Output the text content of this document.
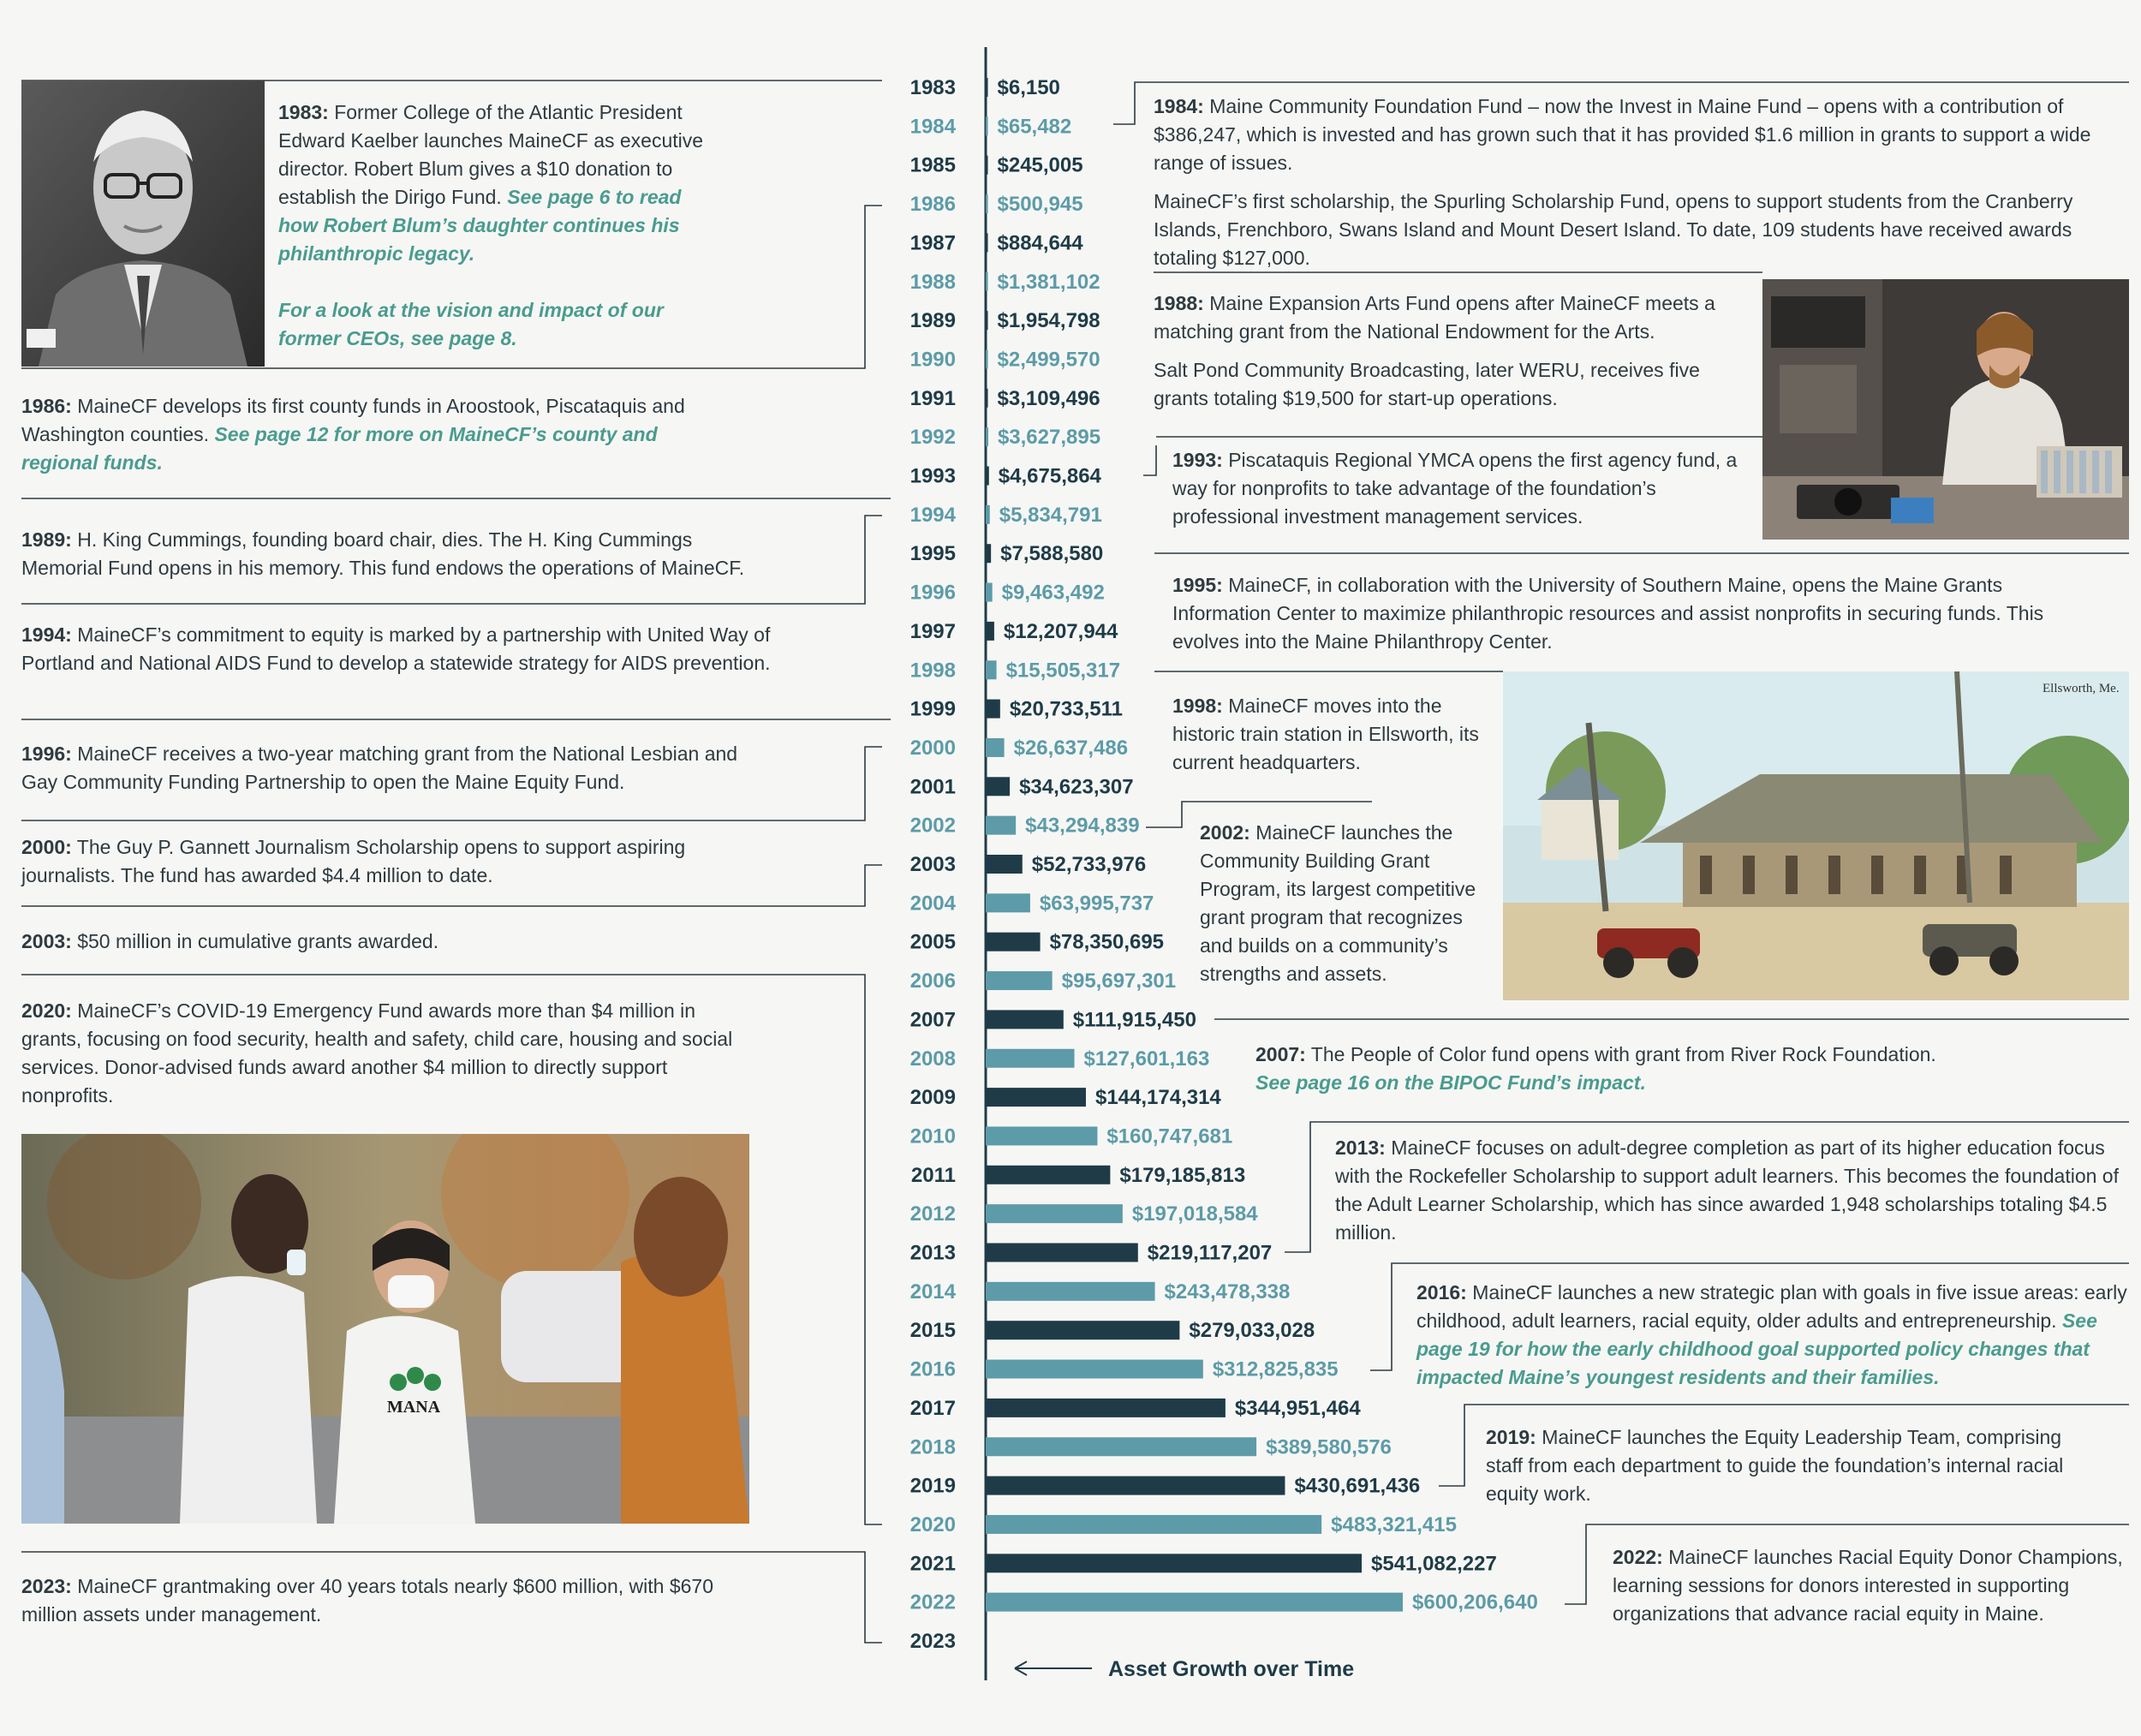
1983 $6,150
1984 $65,482
1985 $245,005
1986 $500,945
1987 $884,644
1988 $1,381,102
1989 $1,954,798
1990 $2,499,570
1991 $3,109,496
1992 $3,627,895
1993 $4,675,864
1994 $5,834,791
1995 $7,588,580
1996 $9,463,492
1997 $12,207,944
1998 $15,505,317
1999	$20,733,511
2000	$26,637,486
2001	$34,623,307
2002	$43,294,839
2003	$52,733,976
2004	$63,995,737
2005	$78,350,695
2006	$95,697,301
2007	$111,915,450
2008	$127,601,163
2009	$144,174,314
2010	$160,747,681
2011	$179,185,813
2012	$197,018,584
2013	$219,117,207
2014	$243,478,338
2015	$279,033,028
2016	$312,825,835
2017	$344,951,464
2018	$389,580,576
2019	$430,691,436
2020	$483,321,415
2021	$541,082,227
2022	$600,206,640
2023
Asset Growth over Time
1983: Former College of the Atlantic President Edward Kaelber launches MaineCF as executive director. Robert Blum gives a $10 donation to establish the Dirigo Fund. See page 6 to read how Robert Blum’s daughter continues his philanthropic legacy.
For a look at the vision and impact of our former CEOs, see page 8.
1986: MaineCF develops its first county funds in Aroostook, Piscataquis and Washington counties. See page 12 for more on MaineCF’s county and regional funds.
1989: H. King Cummings, founding board chair, dies. The H. King Cummings Memorial Fund opens in his memory. This fund endows the operations of MaineCF.
1994: MaineCF’s commitment to equity is marked by a partnership with United Way of Portland and National AIDS Fund to develop a statewide strategy for AIDS prevention.
1996: MaineCF receives a two-year matching grant from the National Lesbian and Gay Community Funding Partnership to open the Maine Equity Fund.
2000: The Guy P. Gannett Journalism Scholarship opens to support aspiring journalists. The fund has awarded $4.4 million to date.
2003: $50 million in cumulative grants awarded.
2020: MaineCF’s COVID-19 Emergency Fund awards more than $4 million in grants, focusing on food security, health and safety, child care, housing and social services. Donor-advised funds award another $4 million to directly support nonprofits.
2023: MaineCF grantmaking over 40 years totals nearly $600 million, with $670 million assets under management.

1984: Maine Community Foundation Fund – now the Invest in Maine Fund – opens with a contribution of $386,247, which is invested and has grown such that it has provided $1.6 million in grants to support a wide range of issues.

MaineCF’s first scholarship, the Spurling Scholarship Fund, opens to support students from the Cranberry Islands, Frenchboro, Swans Island and Mount Desert Island. To date, 109 students have received awards totaling $127,000.

1988: Maine Expansion Arts Fund opens after MaineCF meets a matching grant from the National Endowment for the Arts.

Salt Pond Community Broadcasting, later WERU, receives five grants totaling $19,500 for start-up operations.

1993: Piscataquis Regional YMCA opens the first agency fund, a way for nonprofits to take advantage of the foundation’s professional investment management services.
1995: MaineCF, in collaboration with the University of Southern Maine, opens the Maine Grants Information Center to maximize philanthropic resources and assist nonprofits in securing funds. This evolves into the Maine Philanthropy Center.
1998: MaineCF moves into the historic train station in Ellsworth, its current headquarters.
2002: MaineCF launches the Community Building Grant Program, its largest competitive grant program that recognizes and builds on a community’s strengths and assets.
2007: The People of Color fund opens with grant from River Rock Foundation.
See page 16 on the BIPOC Fund’s impact.
2013: MaineCF focuses on adult-degree completion as part of its higher education focus with the Rockefeller Scholarship to support adult learners. This becomes the foundation of the Adult Learner Scholarship, which has since awarded 1,948 scholarships totaling $4.5 million.
2016: MaineCF launches a new strategic plan with goals in five issue areas: early childhood, adult learners, racial equity, older adults and entrepreneurship. See page 19 for how the early childhood goal supported policy changes that impacted Maine’s youngest residents and their families.
2019: MaineCF launches the Equity Leadership Team, comprising staff from each department to guide the foundation’s internal racial equity work.
2022: MaineCF launches Racial Equity Donor Champions, learning sessions for donors interested in supporting organizations that advance racial equity in Maine.
Ellsworth, Me.
MANA
